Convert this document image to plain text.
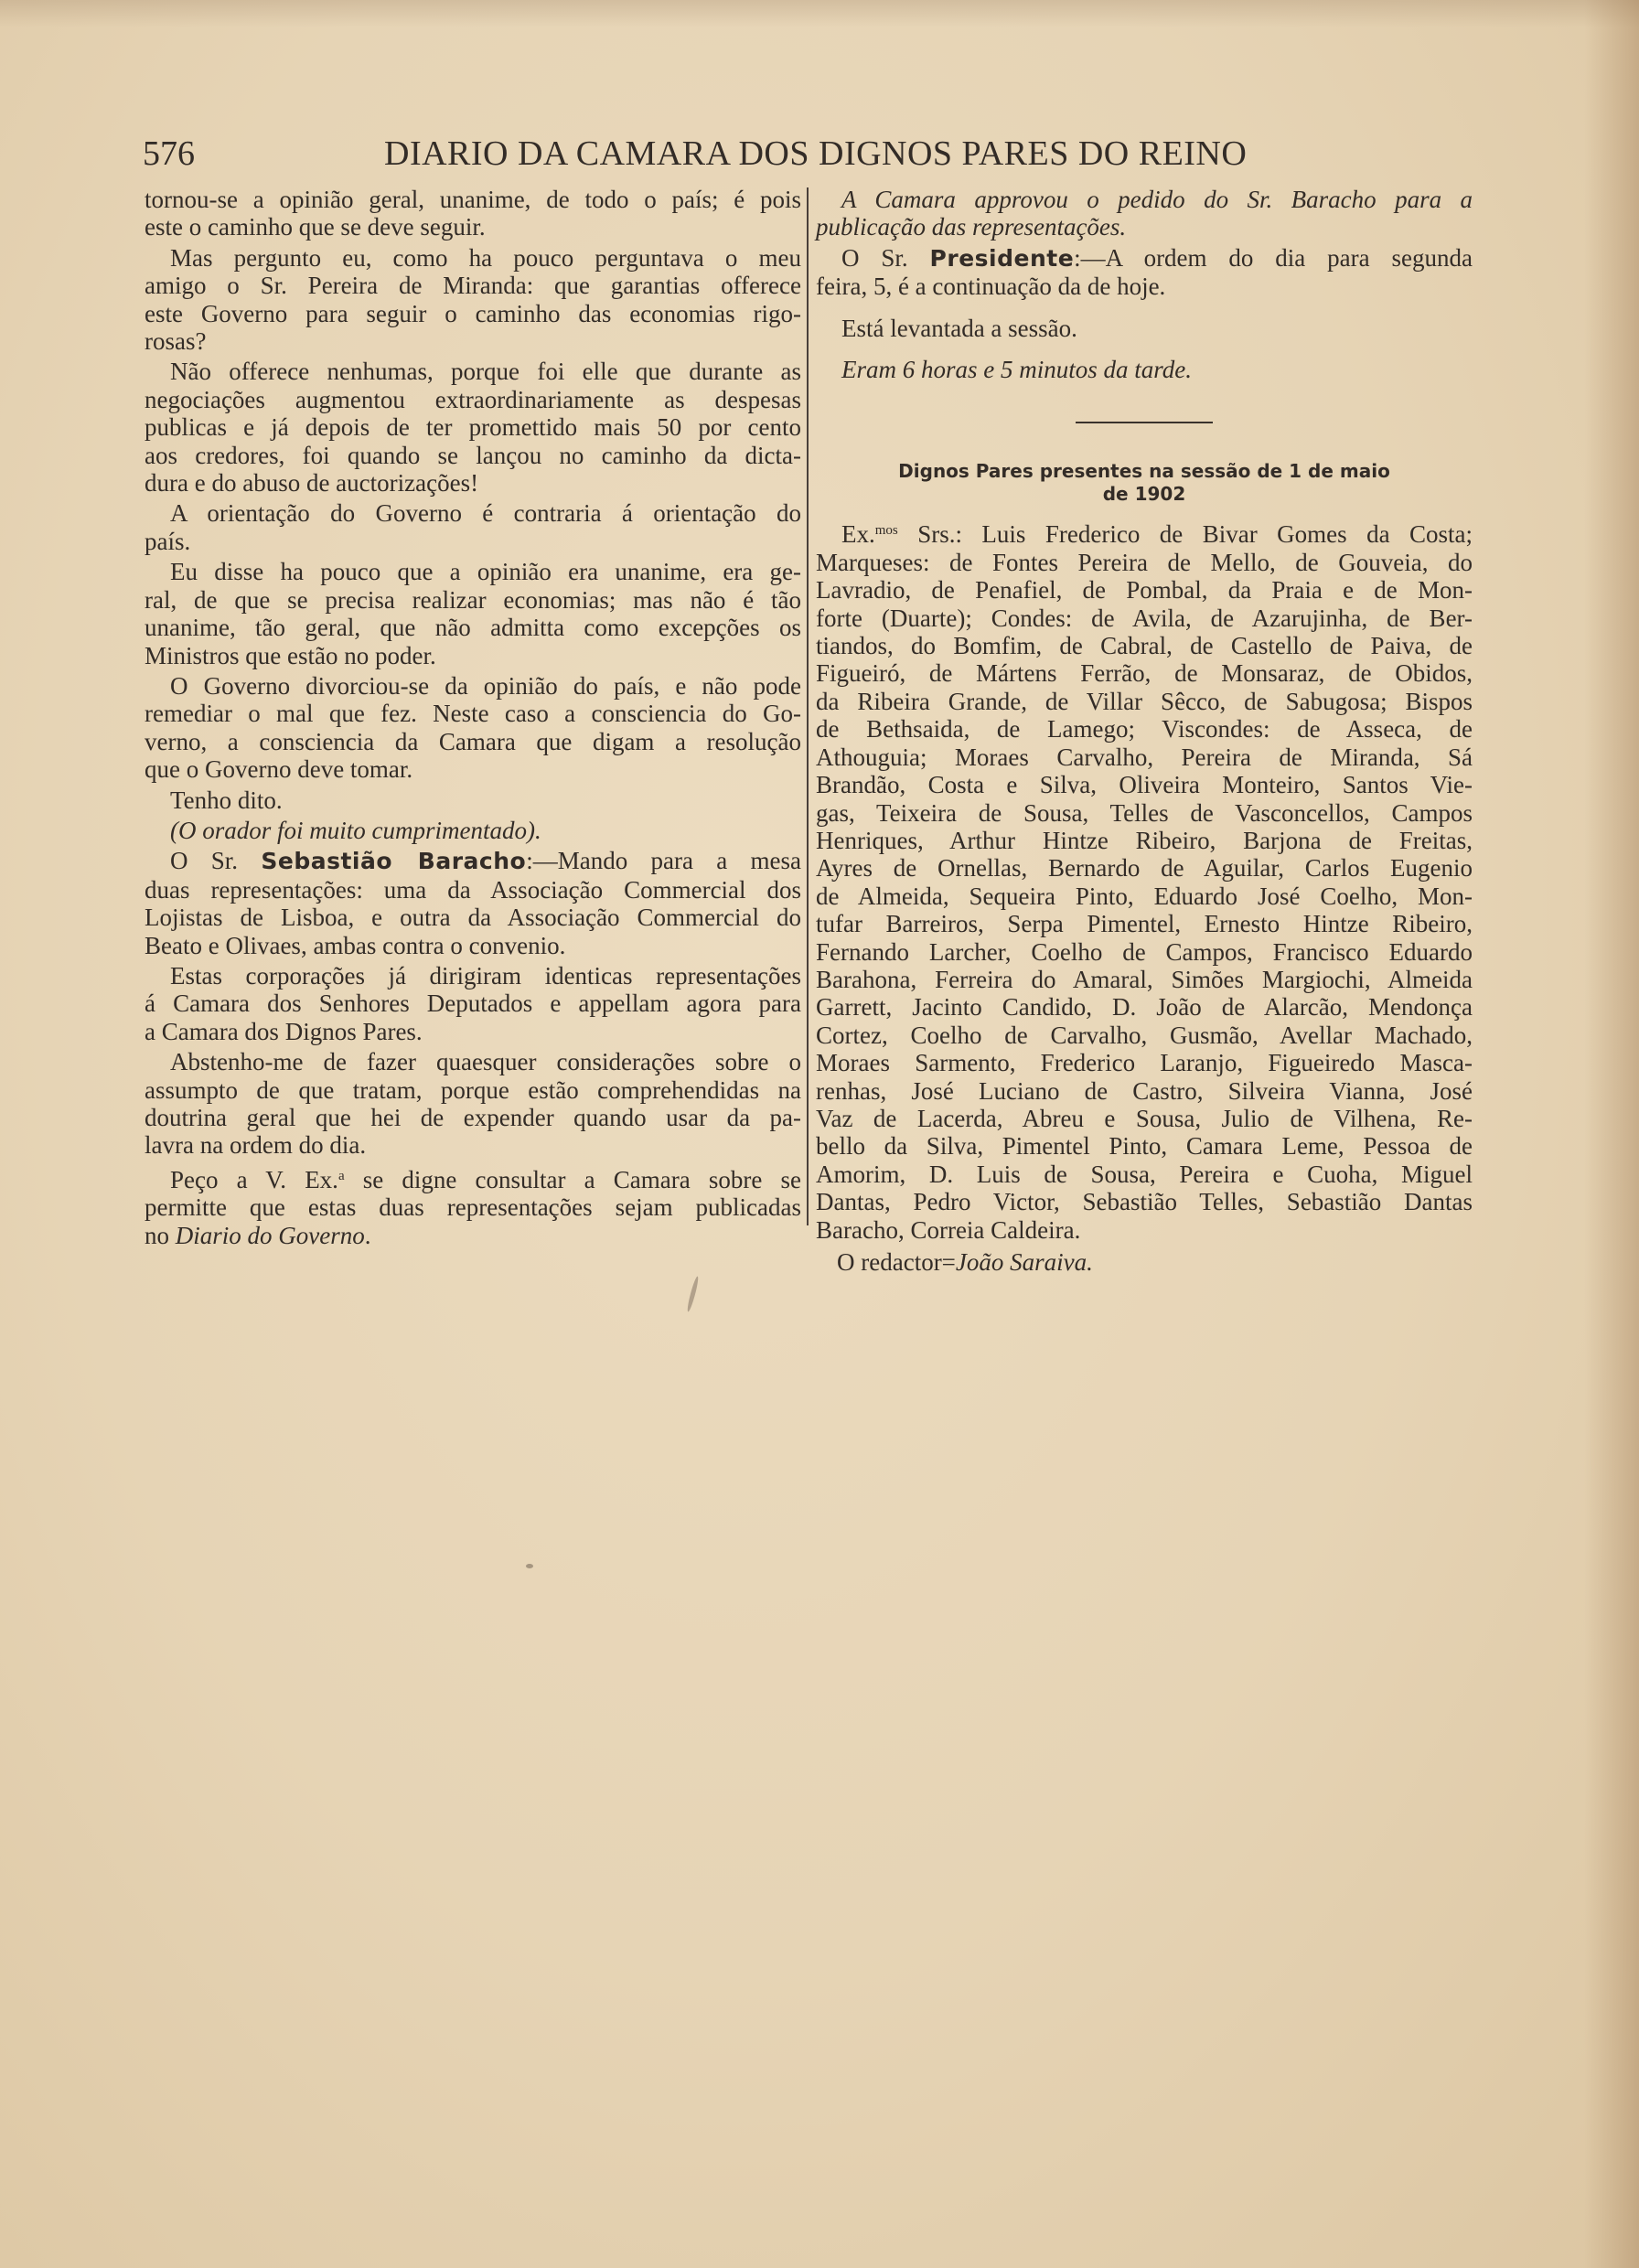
576	DIARIO DA CAMARA DOS DIGNOS PARES DO REINO
tornou-se a opinião geral, unanime, de todo o país; é pois
este o caminho que se deve seguir.
Mas pergunto eu, como ha pouco perguntava o meu
amigo o Sr. Pereira de Miranda: que garantias offerece
este Governo para seguir o caminho das economias rigo-
rosas?
Não offerece nenhumas, porque foi elle que durante as
negociações augmentou extraordinariamente as despesas
publicas e já depois de ter promettido mais 50 por cento
aos credores, foi quando se lançou no caminho da dicta-
dura e do abuso de auctorizações!
A orientação do Governo é contraria á orientação do
país.
Eu disse ha pouco que a opinião era unanime, era ge-
ral, de que se precisa realizar economias; mas não é tão
unanime, tão geral, que não admitta como excepções os
Ministros que estão no poder.
O Governo divorciou-se da opinião do país, e não pode
remediar o mal que fez. Neste caso a consciencia do Go-
verno, a consciencia da Camara que digam a resolução
que o Governo deve tomar.
Tenho dito.
(O orador foi muito cumprimentado).
O Sr. Sebastião Baracho:—Mando para a mesa
duas representações: uma da Associação Commercial dos
Lojistas de Lisboa, e outra da Associação Commercial do
Beato e Olivaes, ambas contra o convenio.
Estas corporações já dirigiram identicas representações
á Camara dos Senhores Deputados e appellam agora para
a Camara dos Dignos Pares.
Abstenho-me de fazer quaesquer considerações sobre o
assumpto de que tratam, porque estão comprehendidas na
doutrina geral que hei de expender quando usar da pa-
lavra na ordem do dia.
Peço a V. Ex.$^a$ se digne consultar a Camara sobre se
permitte que estas duas representações sejam publicadas
no Diario do Governo.
A Camara approvou o pedido do Sr. Baracho para a
publicação das representações.
O Sr. Presidente:—A ordem do dia para segunda
feira, 5, é a continuação da de hoje.
Está levantada a sessão.
Eram 6 horas e 5 minutos da tarde.
Dignos Pares presentes na sessão de 1 de maio
de 1902
Ex.$^{mos}$ Srs.: Luis Frederico de Bivar Gomes da Costa;
Marqueses: de Fontes Pereira de Mello, de Gouveia, do
Lavradio, de Penafiel, de Pombal, da Praia e de Mon-
forte (Duarte); Condes: de Avila, de Azarujinha, de Ber-
tiandos, do Bomfim, de Cabral, de Castello de Paiva, de
Figueiró, de Mártens Ferrão, de Monsaraz, de Obidos,
da Ribeira Grande, de Villar Sêcco, de Sabugosa; Bispos
de Bethsaida, de Lamego; Viscondes: de Asseca, de
Athouguia; Moraes Carvalho, Pereira de Miranda, Sá
Brandão, Costa e Silva, Oliveira Monteiro, Santos Vie-
gas, Teixeira de Sousa, Telles de Vasconcellos, Campos
Henriques, Arthur Hintze Ribeiro, Barjona de Freitas,
Ayres de Ornellas, Bernardo de Aguilar, Carlos Eugenio
de Almeida, Sequeira Pinto, Eduardo José Coelho, Mon-
tufar Barreiros, Serpa Pimentel, Ernesto Hintze Ribeiro,
Fernando Larcher, Coelho de Campos, Francisco Eduardo
Barahona, Ferreira do Amaral, Simões Margiochi, Almeida
Garrett, Jacinto Candido, D. João de Alarcão, Mendonça
Cortez, Coelho de Carvalho, Gusmão, Avellar Machado,
Moraes Sarmento, Frederico Laranjo, Figueiredo Masca-
renhas, José Luciano de Castro, Silveira Vianna, José
Vaz de Lacerda, Abreu e Sousa, Julio de Vilhena, Re-
bello da Silva, Pimentel Pinto, Camara Leme, Pessoa de
Amorim, D. Luis de Sousa, Pereira e Cuoha, Miguel
Dantas, Pedro Victor, Sebastião Telles, Sebastião Dantas
Baracho, Correia Caldeira.
O redactor=João Saraiva.
